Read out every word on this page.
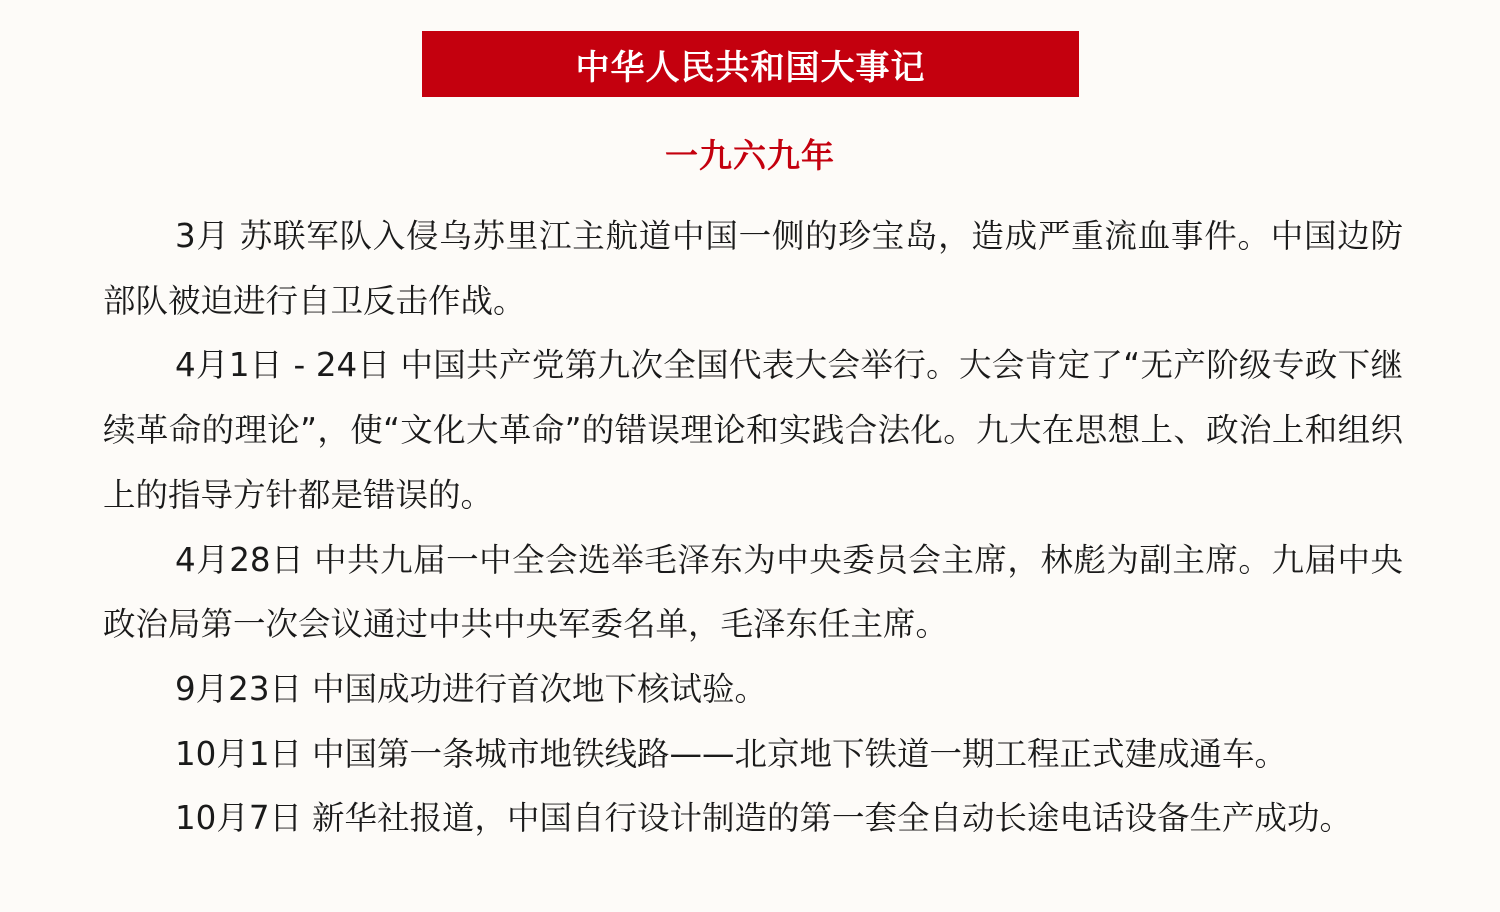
中华人民共和国大事记
一九六九年

3月 苏联军队入侵乌苏里江主航道中国一侧的珍宝岛，造成严重流血事件。中国边防部队被迫进行自卫反击作战。

4月1日 - 24日 中国共产党第九次全国代表大会举行。大会肯定了“无产阶级专政下继续革命的理论”，使“文化大革命”的错误理论和实践合法化。九大在思想上、政治上和组织上的指导方针都是错误的。

4月28日 中共九届一中全会选举毛泽东为中央委员会主席，林彪为副主席。九届中央政治局第一次会议通过中共中央军委名单，毛泽东任主席。

9月23日 中国成功进行首次地下核试验。

10月1日 中国第一条城市地铁线路——北京地下铁道一期工程正式建成通车。

10月7日 新华社报道，中国自行设计制造的第一套全自动长途电话设备生产成功。
